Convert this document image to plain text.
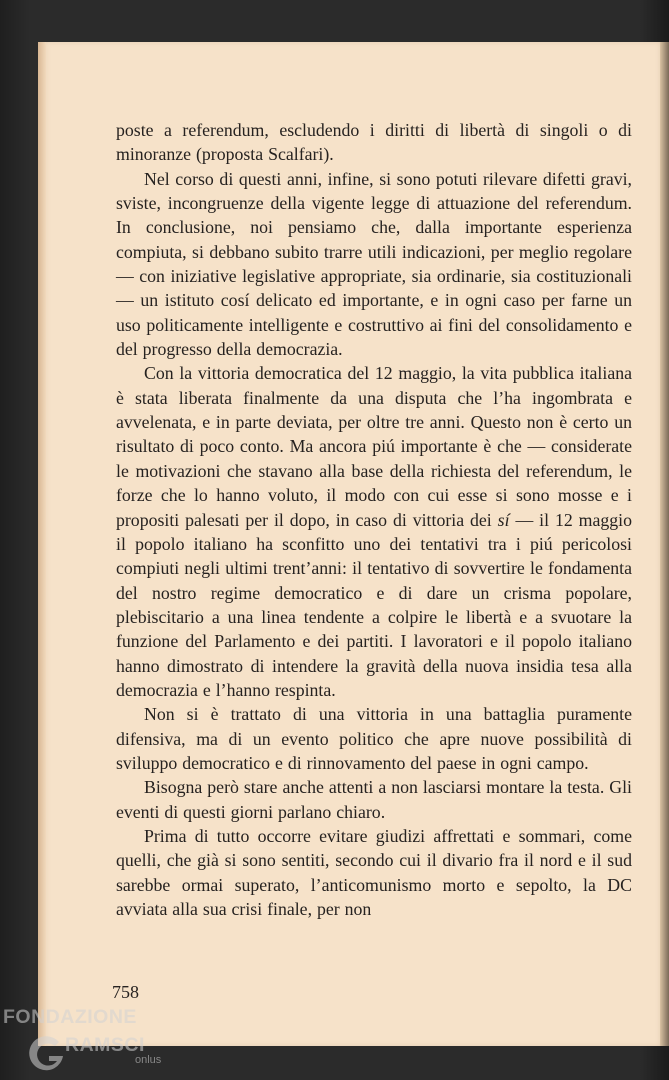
poste a referendum, escludendo i diritti di libertà di singoli o di minoranze (proposta Scalfari).

Nel corso di questi anni, infine, si sono potuti rilevare difetti gravi, sviste, incongruenze della vigente legge di attuazione del referendum. In conclusione, noi pensiamo che, dalla importante esperienza compiuta, si debbano subito trarre utili indicazioni, per meglio regolare — con iniziative legislative appropriate, sia ordinarie, sia costituzionali — un istituto cosí delicato ed importante, e in ogni caso per farne un uso politicamente intelligente e costruttivo ai fini del consolidamento e del progresso della democrazia.

Con la vittoria democratica del 12 maggio, la vita pubblica italiana è stata liberata finalmente da una disputa che l’ha ingombrata e avvelenata, e in parte deviata, per oltre tre anni. Questo non è certo un risultato di poco conto. Ma ancora piú importante è che — considerate le motivazioni che stavano alla base della richiesta del referendum, le forze che lo hanno voluto, il modo con cui esse si sono mosse e i propositi palesati per il dopo, in caso di vittoria dei sí — il 12 maggio il popolo italiano ha sconfitto uno dei tentativi tra i piú pericolosi compiuti negli ultimi trent’anni: il tentativo di sovvertire le fondamenta del nostro regime democratico e di dare un crisma popolare, plebiscitario a una linea tendente a colpire le libertà e a svuotare la funzione del Parlamento e dei partiti. I lavoratori e il popolo italiano hanno dimostrato di intendere la gravità della nuova insidia tesa alla democrazia e l’hanno respinta.

Non si è trattato di una vittoria in una battaglia puramente difensiva, ma di un evento politico che apre nuove possibilità di sviluppo democratico e di rinnovamento del paese in ogni campo.

Bisogna però stare anche attenti a non lasciarsi montare la testa. Gli eventi di questi giorni parlano chiaro.

Prima di tutto occorre evitare giudizi affrettati e sommari, come quelli, che già si sono sentiti, secondo cui il divario fra il nord e il sud sarebbe ormai superato, l’anticomunismo morto e sepolto, la DC avviata alla sua crisi finale, per non

758
FONDAZIONE
RAMSCI
onlus
